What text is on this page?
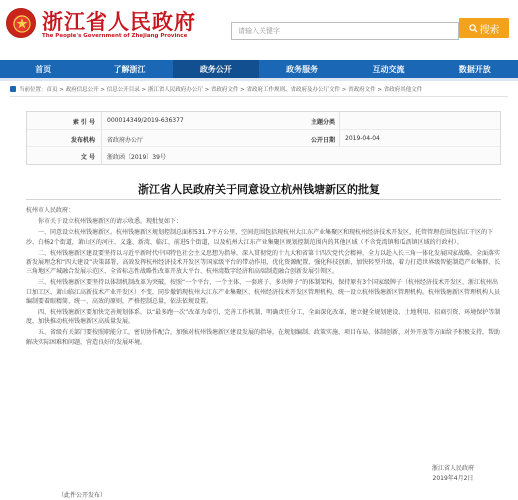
浙江省人民政府
The People's Government of Zhejiang Province
请输入关键字	搜索
首页	了解浙江	政务公开	政务服务	互动交流	数据开放
当前位置：首页 > 政府信息公开 > 信息公开目录 > 浙江省人民政府办公厅 > 省政府文件 > 省政府工作规则、省政府及办公厅文件 > 省政府文件 > 省政府其他文件
索 引 号 000014349/2019-636377	主题分类
发布机构 省政府办公厅	公开日期 2019-04-04
文 号 浙政函〔2019〕39号
浙江省人民政府关于同意设立杭州钱塘新区的批复

杭州市人民政府：

你市关于设立杭州钱塘新区的请示收悉。现批复如下：

一、同意设立杭州钱塘新区。杭州钱塘新区规划控制总面积531.7平方公里，空间范围包括现杭州大江东产业集聚区和现杭州经济技术开发区，托管管理范围包括江干区的下沙、白杨2个街道，萧山区的河庄、义蓬、新湾、临江、前进5个街道，以及杭州大江东产业集聚区规划控制范围内的其他区域（不含党湾镇和瓜沥镇区域的行政村）。

二、杭州钱塘新区建设要坚持以习近平新时代中国特色社会主义思想为指导，深入贯彻党的十九大和省第十四次党代会精神，全力以赴入长三角一体化发展国家战略，全面落实新发展理念和“四大建设”决策部署，高效发挥杭州经济技术开发区等国家级平台的带动作用，优化资源配置、强化科技创新，加快转型升级，着力打造世界级智能制造产业集群、长三角地区产城融合发展示范区、全省标志性战略性改革开放大平台、杭州湾数字经济和高端制造融合创新发展引领区。

三、杭州钱塘新区要坚持以体制机制改革为突破，按照“一个平台、一个主体、一套班子、多块牌子”的体制架构，保持原有3个国家级牌子（杭州经济技术开发区、浙江杭州出口加工区、萧山临江高新技术产业开发区）不变，同步撤销现杭州大江东产业集聚区、杭州经济技术开发区管理机构，统一设立杭州钱塘新区管理机构。杭州钱塘新区管理机构人员编制要着眼精简、统一、高效的原则，严格控制总量，依法依规设置。

四、杭州钱塘新区要加快完善规划体系，以“最多跑一次”改革为牵引，完善工作机制，明确责任分工，全面深化改革，建立健全规划建设、土地利用、招商引资、环境保护等制度，加快推动杭州钱塘新区高质量发展。

五、省级有关部门要按照职能分工，密切协作配合，加强对杭州钱塘新区建设发展的指导，在规划编制、政策实施、项目布局、体制创新、对外开放等方面给予积极支持，帮助解决实际困难和问题，营造良好的发展环境。

浙江省人民政府
2019年4月2日
（此件公开发布）
